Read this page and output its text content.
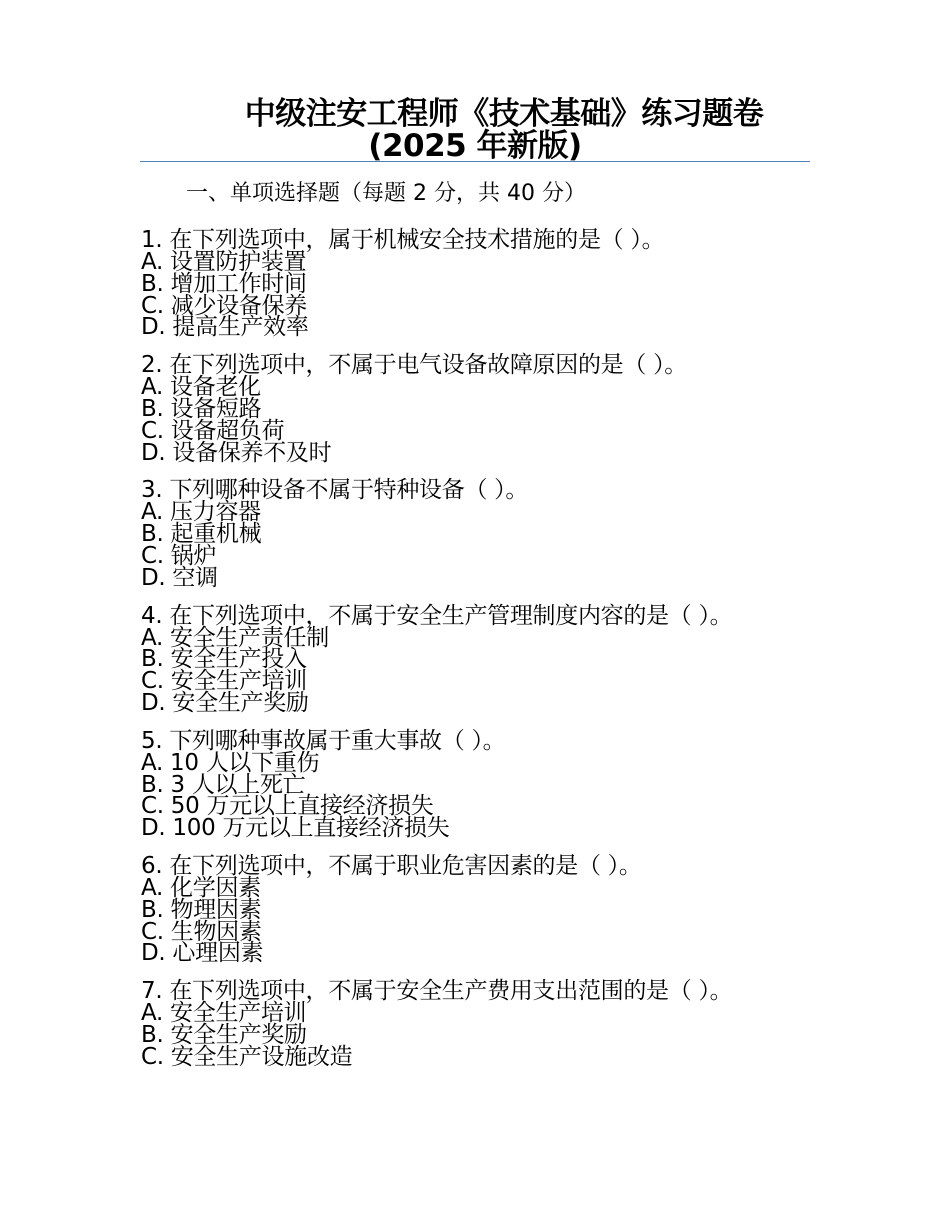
中级注安工程师《技术基础》练习题卷
(2025 年新版)
一、单项选择题（每题 2 分，共 40 分）
1. 在下列选项中，属于机械安全技术措施的是（ ）。
A. 设置防护装置
B. 增加工作时间
C. 减少设备保养
D. 提高生产效率
2. 在下列选项中，不属于电气设备故障原因的是（ ）。
A. 设备老化
B. 设备短路
C. 设备超负荷
D. 设备保养不及时
3. 下列哪种设备不属于特种设备（ ）。
A. 压力容器
B. 起重机械
C. 锅炉
D. 空调
4. 在下列选项中，不属于安全生产管理制度内容的是（ ）。
A. 安全生产责任制
B. 安全生产投入
C. 安全生产培训
D. 安全生产奖励
5. 下列哪种事故属于重大事故（ ）。
A. 10 人以下重伤
B. 3 人以上死亡
C. 50 万元以上直接经济损失
D. 100 万元以上直接经济损失
6. 在下列选项中，不属于职业危害因素的是（ ）。
A. 化学因素
B. 物理因素
C. 生物因素
D. 心理因素
7. 在下列选项中，不属于安全生产费用支出范围的是（ ）。
A. 安全生产培训
B. 安全生产奖励
C. 安全生产设施改造
